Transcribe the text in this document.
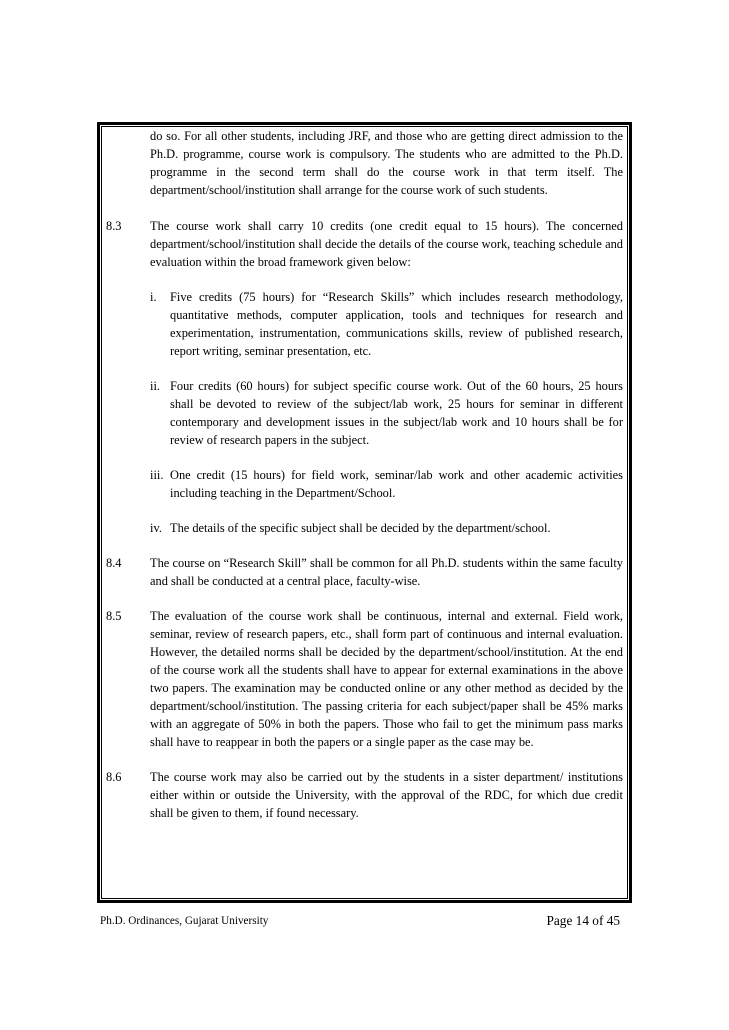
do so. For all other students, including JRF, and those who are getting direct admission to the Ph.D. programme, course work is compulsory. The students who are admitted to the Ph.D. programme in the second term shall do the course work in that term itself. The department/school/institution shall arrange for the course work of such students.

8.3 The course work shall carry 10 credits (one credit equal to 15 hours). The concerned department/school/institution shall decide the details of the course work, teaching schedule and evaluation within the broad framework given below:
i. Five credits (75 hours) for “Research Skills” which includes research methodology, quantitative methods, computer application, tools and techniques for research and experimentation, instrumentation, communications skills, review of published research, report writing, seminar presentation, etc.
ii. Four credits (60 hours) for subject specific course work. Out of the 60 hours, 25 hours shall be devoted to review of the subject/lab work, 25 hours for seminar in different contemporary and development issues in the subject/lab work and 10 hours shall be for review of research papers in the subject.
iii. One credit (15 hours) for field work, seminar/lab work and other academic activities including teaching in the Department/School.
iv. The details of the specific subject shall be decided by the department/school.
8.4 The course on “Research Skill” shall be common for all Ph.D. students within the same faculty and shall be conducted at a central place, faculty-wise.
8.5 The evaluation of the course work shall be continuous, internal and external. Field work, seminar, review of research papers, etc., shall form part of continuous and internal evaluation. However, the detailed norms shall be decided by the department/school/institution. At the end of the course work all the students shall have to appear for external examinations in the above two papers. The examination may be conducted online or any other method as decided by the department/school/institution. The passing criteria for each subject/paper shall be 45% marks with an aggregate of 50% in both the papers. Those who fail to get the minimum pass marks shall have to reappear in both the papers or a single paper as the case may be.
8.6 The course work may also be carried out by the students in a sister department/ institutions either within or outside the University, with the approval of the RDC, for which due credit shall be given to them, if found necessary.
Ph.D. Ordinances, Gujarat University	Page 14 of 45
